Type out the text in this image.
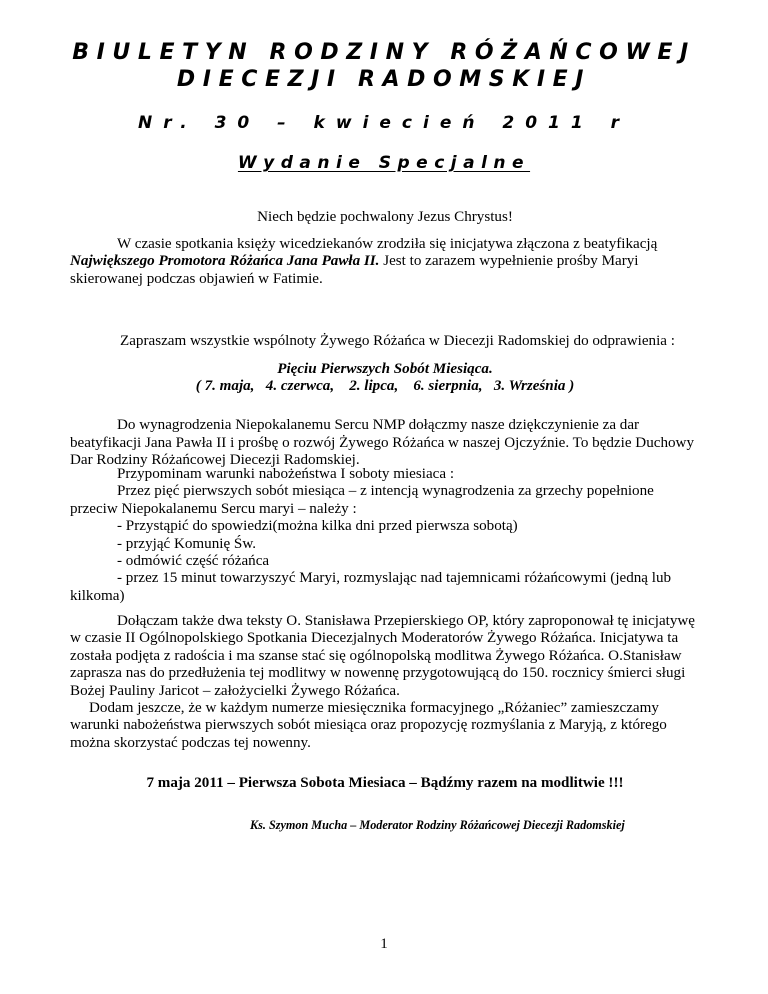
BIULETYN RODZINY RÓŻAŃCOWEJ
DIECEZJI RADOMSKIEJ
Nr. 30 – kwiecień 2011 r
Wydanie Specjalne

Niech będzie pochwalony Jezus Chrystus!

W czasie spotkania księży wicedziekanów zrodziła się inicjatywa złączona z beatyfikacją
Największego Promotora Różańca Jana Pawła II. Jest to zarazem wypełnienie prośby Maryi skierowanej podczas objawień w Fatimie.

Zapraszam wszystkie wspólnoty Żywego Różańca w Diecezji Radomskiej do odprawienia :

Pięciu Pierwszych Sobót Miesiąca.
( 7. maja,   4. czerwca,    2. lipca,    6. sierpnia,   3. Września )

Do wynagrodzenia Niepokalanemu Sercu NMP dołączmy nasze dziękczynienie za dar beatyfikacji Jana Pawła II i prośbę o rozwój Żywego Różańca w naszej Ojczyźnie. To będzie Duchowy Dar Rodziny Różańcowej Diecezji Radomskiej.

Przypominam warunki nabożeństwa I soboty miesiaca :

Przez pięć pierwszych sobót miesiąca – z intencją wynagrodzenia za grzechy popełnione przeciw Niepokalanemu Sercu maryi – należy :

- Przystąpić do spowiedzi(można kilka dni przed pierwsza sobotą)

- przyjąć Komunię Św.

- odmówić część różańca

- przez 15 minut towarzyszyć Maryi, rozmyslając nad tajemnicami różańcowymi (jedną lub kilkoma)

Dołączam także dwa teksty O. Stanisława Przepierskiego OP, który zaproponował tę inicjatywę w czasie II Ogólnopolskiego Spotkania Diecezjalnych Moderatorów Żywego Różańca. Inicjatywa ta została podjęta z radościa i ma szanse stać się ogólnopolską modlitwa Żywego Różańca. O.Stanisław zaprasza nas do przedłużenia tej modlitwy w nowennę przygotowującą do 150. rocznicy śmierci sługi Bożej Pauliny Jaricot – założycielki Żywego Różańca.

Dodam jeszcze, że w każdym numerze miesięcznika formacyjnego „Różaniec” zamieszczamy warunki nabożeństwa pierwszych sobót miesiąca oraz propozycję rozmyślania z Maryją, z którego można skorzystać podczas tej nowenny.

7 maja 2011 – Pierwsza Sobota Miesiaca – Bądźmy razem na modlitwie !!!

Ks. Szymon Mucha – Moderator Rodziny Różańcowej Diecezji Radomskiej

1
